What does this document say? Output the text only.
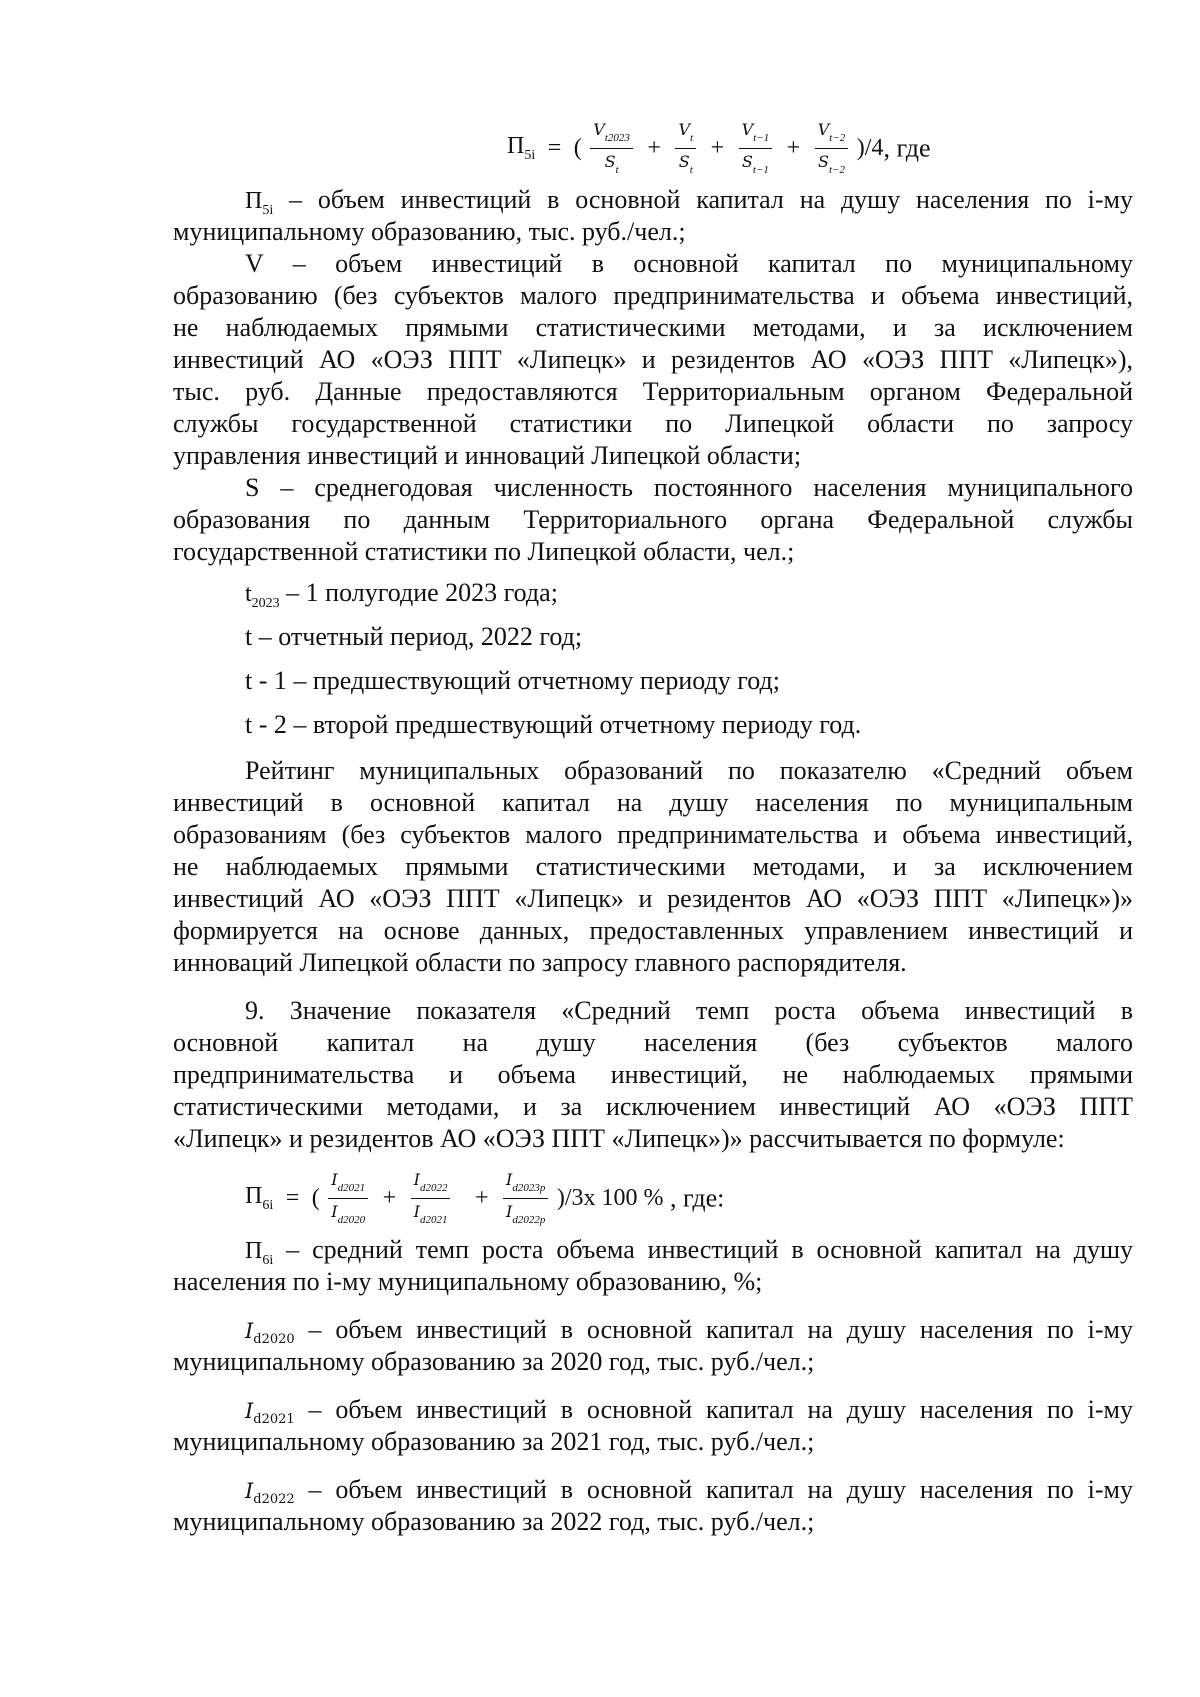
$П_{5i}$ = ( $\frac{V_{t2023}}{S_t} + \frac{V_t}{S_t} + \frac{V_{t-1}}{S_{t-1}} + \frac{V_{t-2}}{S_{t-2}} )/4$, где
$П_{5i}$ – объем инвестиций в основной капитал на душу населения по i-му
муниципальному образованию, тыс. руб./чел.;
V – объем инвестиций в основной капитал по муниципальному
образованию (без субъектов малого предпринимательства и объема инвестиций,
не наблюдаемых прямыми статистическими методами, и за исключением
инвестиций АО «ОЭЗ ППТ «Липецк» и резидентов АО «ОЭЗ ППТ «Липецк»),
тыс. руб. Данные предоставляются Территориальным органом Федеральной
службы государственной статистики по Липецкой области по запросу
управления инвестиций и инноваций Липецкой области;
S – среднегодовая численность постоянного населения муниципального
образования по данным Территориального органа Федеральной службы
государственной статистики по Липецкой области, чел.;
$t_{2023} - 1$ полугодие 2023 года;
t – отчетный период, 2022 год;
t - 1 – предшествующий отчетному периоду год;
t - 2 – второй предшествующий отчетному периоду год.
Рейтинг муниципальных образований по показателю «Средний объем
инвестиций в основной капитал на душу населения по муниципальным
образованиям (без субъектов малого предпринимательства и объема инвестиций,
не наблюдаемых прямыми статистическими методами, и за исключением
инвестиций АО «ОЭЗ ППТ «Липецк» и резидентов АО «ОЭЗ ППТ «Липецк»)»
формируется на основе данных, предоставленных управлением инвестиций и
инноваций Липецкой области по запросу главного распорядителя.
9. Значение показателя «Средний темп роста объема инвестиций в
основной капитал на душу населения (без субъектов малого
предпринимательства и объема инвестиций, не наблюдаемых прямыми
статистическими методами, и за исключением инвестиций АО «ОЭЗ ППТ
«Липецк» и резидентов АО «ОЭЗ ППТ «Липецк»)» рассчитывается по формуле:
$П_{6i}$ = ( $\frac{I_{d2021}}{I_{d2020}} + \frac{I_{d2022}}{I_{d2021}} + \frac{I_{d2023p}}{I_{d2022p}} )/3x$ 100 % , где:
$П_{6i}$ – средний темп роста объема инвестиций в основной капитал на душу
населения по i-му муниципальному образованию, %;
$I_{d2020}$ – объем инвестиций в основной капитал на душу населения по i-му
муниципальному образованию за 2020 год, тыс. руб./чел.;
$I_{d2021}$ – объем инвестиций в основной капитал на душу населения по i-му
муниципальному образованию за 2021 год, тыс. руб./чел.;
$I_{d2022}$ – объем инвестиций в основной капитал на душу населения по i-му
муниципальному образованию за 2022 год, тыс. руб./чел.;
